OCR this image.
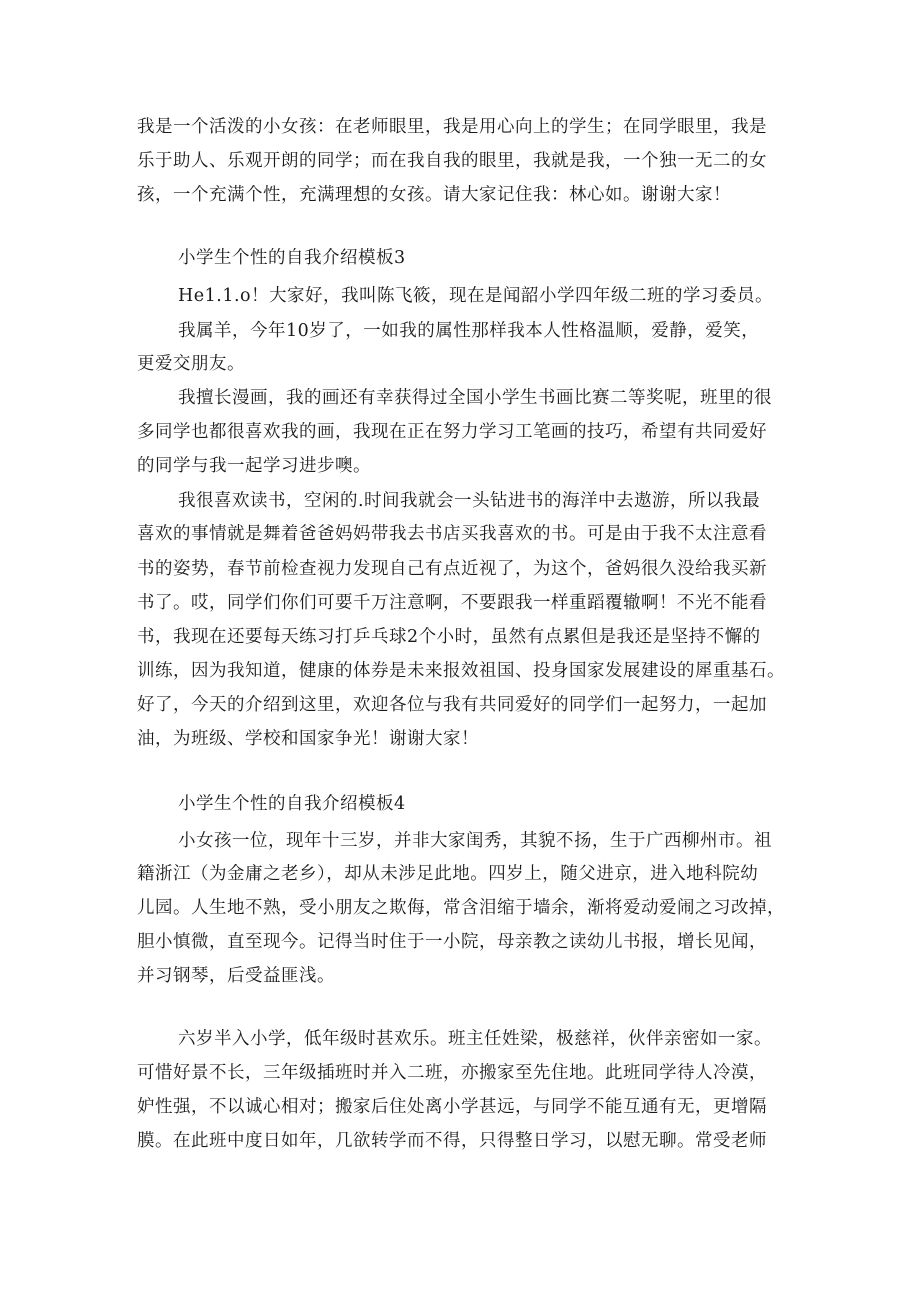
我是一个活泼的小女孩：在老师眼里，我是用心向上的学生；在同学眼里，我是
乐于助人、乐观开朗的同学；而在我自我的眼里，我就是我，一个独一无二的女
孩，一个充满个性，充满理想的女孩。请大家记住我：林心如。谢谢大家！
小学生个性的自我介绍模板3
He1.1.o！大家好，我叫陈飞筱，现在是闻韶小学四年级二班的学习委员。
我属羊，今年10岁了，一如我的属性那样我本人性格温顺，爱静，爱笑，
更爱交朋友。
我擅长漫画，我的画还有幸获得过全国小学生书画比赛二等奖呢，班里的很
多同学也都很喜欢我的画，我现在正在努力学习工笔画的技巧，希望有共同爱好
的同学与我一起学习进步噢。
我很喜欢读书，空闲的.时间我就会一头钻进书的海洋中去遨游，所以我最
喜欢的事情就是舞着爸爸妈妈带我去书店买我喜欢的书。可是由于我不太注意看
书的姿势，春节前检查视力发现自己有点近视了，为这个，爸妈很久没给我买新
书了。哎，同学们你们可要千万注意啊，不要跟我一样重蹈覆辙啊！不光不能看
书，我现在还要每天练习打乒乓球2个小时，虽然有点累但是我还是坚持不懈的
训练，因为我知道，健康的体券是未来报效祖国、投身国家发展建设的犀重基石。
好了，今天的介绍到这里，欢迎各位与我有共同爱好的同学们一起努力，一起加
油，为班级、学校和国家争光！谢谢大家！
小学生个性的自我介绍模板4
小女孩一位，现年十三岁，并非大家闺秀，其貌不扬，生于广西柳州市。祖
籍浙江（为金庸之老乡），却从未涉足此地。四岁上，随父进京，进入地科院幼
儿园。人生地不熟，受小朋友之欺侮，常含泪缩于墙余，渐将爱动爱闹之习改掉，
胆小慎微，直至现今。记得当时住于一小院，母亲教之读幼儿书报，增长见闻，
并习钢琴，后受益匪浅。
六岁半入小学，低年级时甚欢乐。班主任姓梁，极慈祥，伙伴亲密如一家。
可惜好景不长，三年级插班时并入二班，亦搬家至先住地。此班同学待人冷漠，
妒性强，不以诚心相对；搬家后住处离小学甚远，与同学不能互通有无，更增隔
膜。在此班中度日如年，几欲转学而不得，只得整日学习，以慰无聊。常受老师
